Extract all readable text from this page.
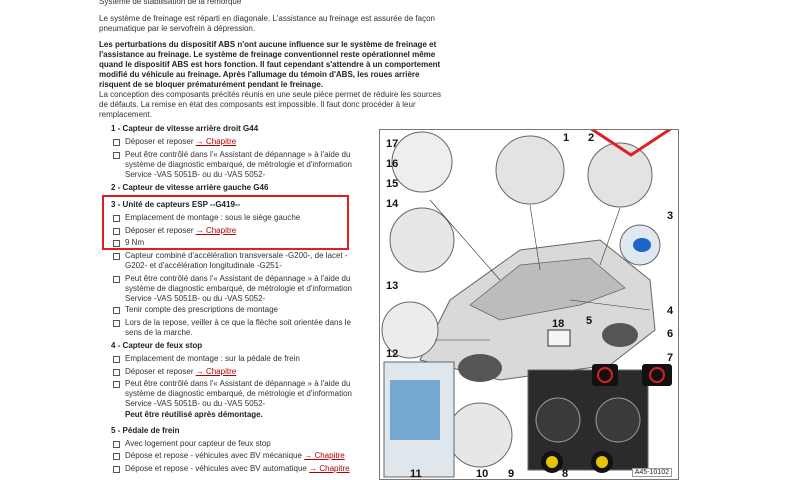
Système de stabilisation de la remorque
Le système de freinage est réparti en diagonale. L'assistance au freinage est assurée de façon pneumatique par le servofrein à dépression.
Les perturbations du dispositif ABS n'ont aucune influence sur le système de freinage et l'assistance au freinage. Le système de freinage conventionnel reste opérationnel même quand le dispositif ABS est hors fonction. Il faut cependant s'attendre à un comportement modifié du véhicule au freinage. Après l'allumage du témoin d'ABS, les roues arrière risquent de se bloquer prématurément pendant le freinage.
La conception des composants précités réunis en une seule pièce permet de réduire les sources de défauts. La remise en état des composants est impossible. Il faut donc procéder à leur remplacement.
1 - Capteur de vitesse arrière droit G44
Déposer et reposer → Chapitre
Peut être contrôlé dans l'« Assistant de dépannage » à l'aide du système de diagnostic embarqué, de métrologie et d'information Service -VAS 5051B- ou du -VAS 5052-
2 - Capteur de vitesse arrière gauche G46
3 - Unité de capteurs ESP --G419--
Emplacement de montage : sous le siège gauche
Déposer et reposer → Chapitre
9 Nm
Capteur combiné d'accélération transversale -G200-, de lacet -G202- et d'accélération longitudinale -G251-
Peut être contrôlé dans l'« Assistant de dépannage » à l'aide du système de diagnostic embarqué, de métrologie et d'information Service -VAS 5051B- ou du -VAS 5052-
Tenir compte des prescriptions de montage
Lors de la repose, veiller à ce que la flèche soit orientée dans le sens de la marche.
4 - Capteur de feux stop
Emplacement de montage : sur la pédale de frein
Déposer et reposer → Chapitre
Peut être contrôlé dans l'« Assistant de dépannage » à l'aide du système de diagnostic embarqué, de métrologie et d'information Service -VAS 5051B- ou du -VAS 5052-
Peut être réutilisé après démontage.
5 - Pédale de frein
Avec logement pour capteur de feux stop
Dépose et repose - véhicules avec BV mécanique → Chapitre
Dépose et repose - véhicules avec BV automatique → Chapitre
17
16
15
14
13
12
11	10 9	8
7
6
5
4
3
2
1
18
A45-10102
